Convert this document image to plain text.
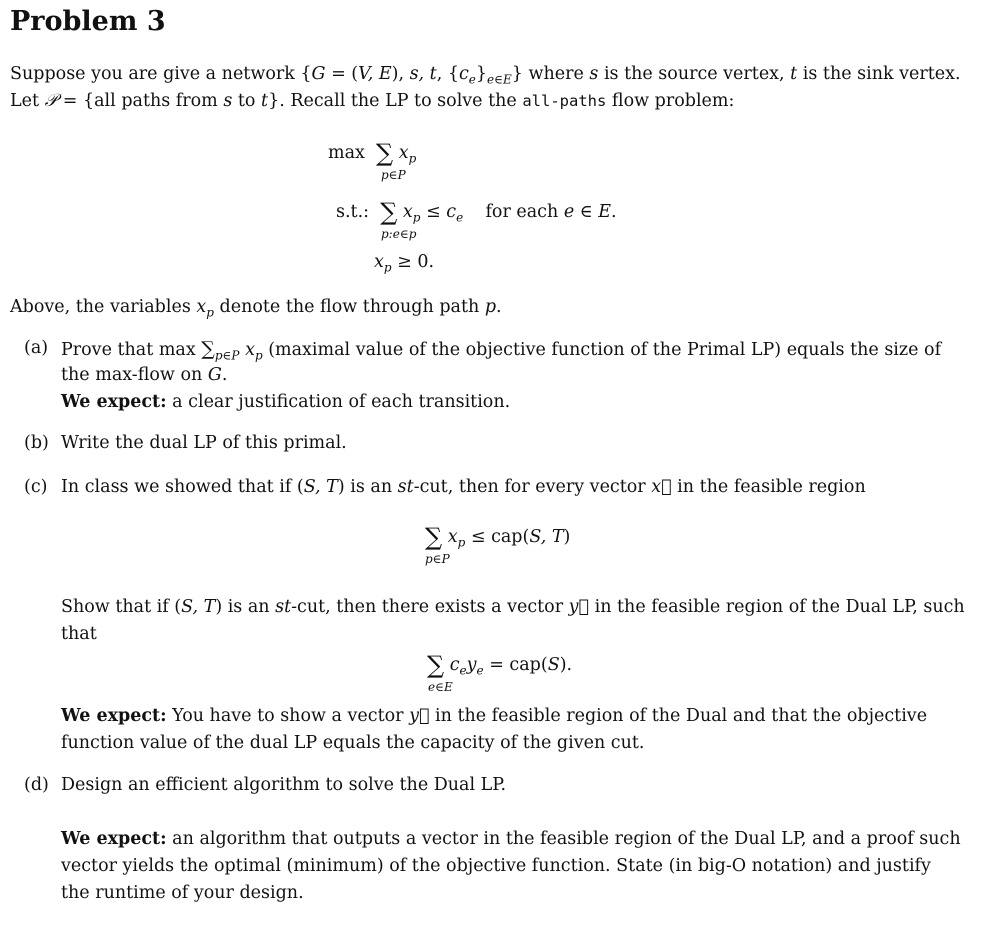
Problem 3
Suppose you are give a network {G = (V, E), s, t, $\{c_e\}_{e\in E}$} where s is the source vertex, t is the sink vertex.
Let 𝒫 = {all paths from s to t}. Recall the LP to solve the all-paths flow problem:
max ∑ $x_p$
p∈P
s.t.: ∑ $x_p \le c_e$    for each e ∈ E.
p:e∈p
$x_p \ge 0$.
Above, the variables $x_p$ denote the flow through path p.
(a) Prove that $\max \sum_{p\in P}$ $x_p$ (maximal value of the objective function of the Primal LP) equals the size of
the max-flow on G.
We expect: a clear justification of each transition.
(b) Write the dual LP of this primal.
(c) In class we showed that if (S, T) is an st-cut, then for every vector x⃗ in the feasible region
∑ $x_p \le cap(S$, T)
p∈P
Show that if (S, T) is an st-cut, then there exists a vector y⃗ in the feasible region of the Dual LP, such
that
∑ $c_ey_e = cap(S)$.
e∈E
We expect: You have to show a vector y⃗ in the feasible region of the Dual and that the objective
function value of the dual LP equals the capacity of the given cut.
(d) Design an efficient algorithm to solve the Dual LP.
We expect: an algorithm that outputs a vector in the feasible region of the Dual LP, and a proof such
vector yields the optimal (minimum) of the objective function. State (in big-O notation) and justify
the runtime of your design.
